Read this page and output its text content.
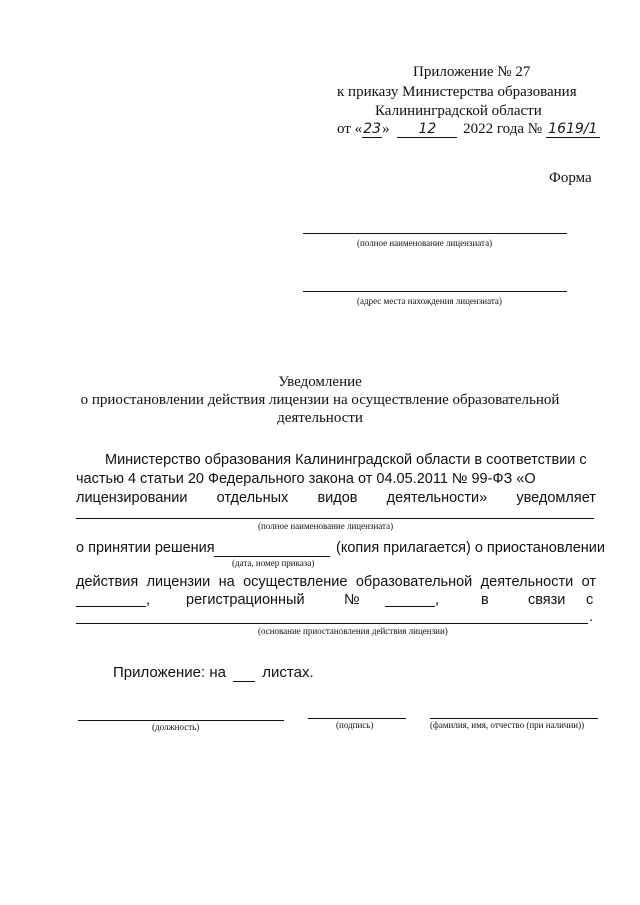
Приложение № 27
к приказу Министерства образования
Калининградской области
от «23» 12 2022 года № 1619/1
Форма
(полное наименование лицензиата)
(адрес места нахождения лицензиата)
Уведомление
о приостановлении действия лицензии на осуществление образовательной
деятельности
Министерство образования Калининградской области в соответствии с
частью 4 статьи 20 Федерального закона от 04.05.2011 № 99-ФЗ «О
лицензировании отдельных видов деятельности» уведомляет
(полное наименование лицензиата)
о принятии решения	(копия прилагается) о приостановлении
(дата, номер приказа)
действия лицензии на осуществление образовательной деятельности от
, регистрационный	№	,	в	связи с
.
(основание приостановления действия лицензии)
Приложение: на листах.
(должность)	(подпись)	(фамилия, имя, отчество (при наличии))
